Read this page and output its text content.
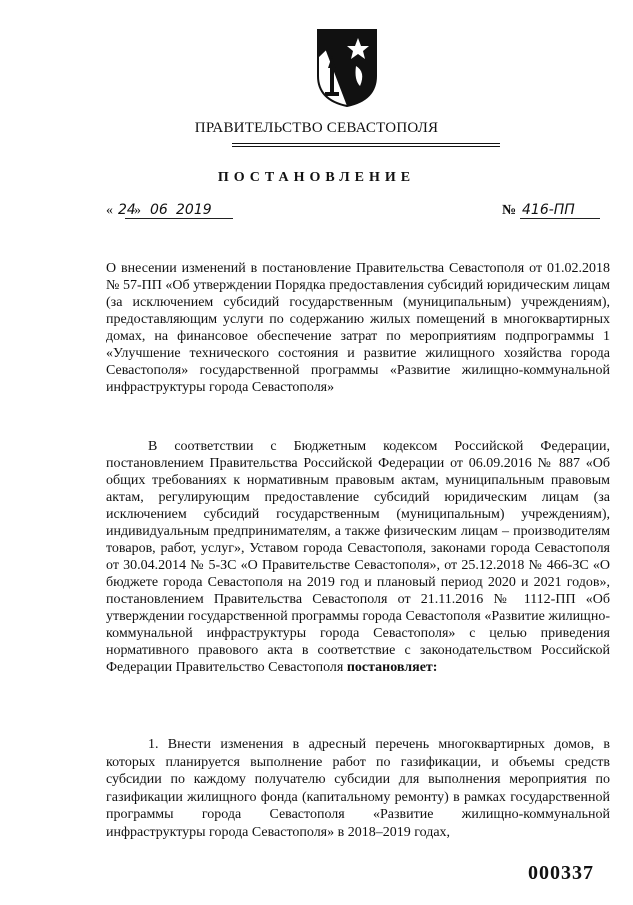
ПРАВИТЕЛЬСТВО СЕВАСТОПОЛЯ
ПОСТАНОВЛЕНИЕ
« 24
» 06 2019	№ 416-ПП
О внесении изменений в постановление Правительства Севастополя от 01.02.2018 № 57-ПП «Об утверждении Порядка предоставления субсидий юридическим лицам (за исключением субсидий государственным (муниципальным) учреждениям), предоставляющим услуги по содержанию жилых помещений в многоквартирных домах, на финансовое обеспечение затрат по мероприятиям подпрограммы 1 «Улучшение технического состояния и развитие жилищного хозяйства города Севастополя» государственной программы «Развитие жилищно-коммунальной инфраструктуры города Севастополя»
В соответствии с Бюджетным кодексом Российской Федерации, постановлением Правительства Российской Федерации от 06.09.2016 № 887 «Об общих требованиях к нормативным правовым актам, муниципальным правовым актам, регулирующим предоставление субсидий юридическим лицам (за исключением субсидий государственным (муниципальным) учреждениям), индивидуальным предпринимателям, а также физическим лицам – производителям товаров, работ, услуг», Уставом города Севастополя, законами города Севастополя от 30.04.2014 № 5-ЗС «О Правительстве Севастополя», от 25.12.2018 № 466-ЗС «О бюджете города Севастополя на 2019 год и плановый период 2020 и 2021 годов», постановлением Правительства Севастополя от 21.11.2016 № 1112-ПП «Об утверждении государственной программы города Севастополя «Развитие жилищно-коммунальной инфраструктуры города Севастополя» с целью приведения нормативного правового акта в соответствие с законодательством Российской Федерации Правительство Севастополя постановляет:
1. Внести изменения в адресный перечень многоквартирных домов, в которых планируется выполнение работ по газификации, и объемы средств субсидии по каждому получателю субсидии для выполнения мероприятия по газификации жилищного фонда (капитальному ремонту) в рамках государственной программы города Севастополя «Развитие жилищно-коммунальной инфраструктуры города Севастополя» в 2018–2019 годах,
000337
